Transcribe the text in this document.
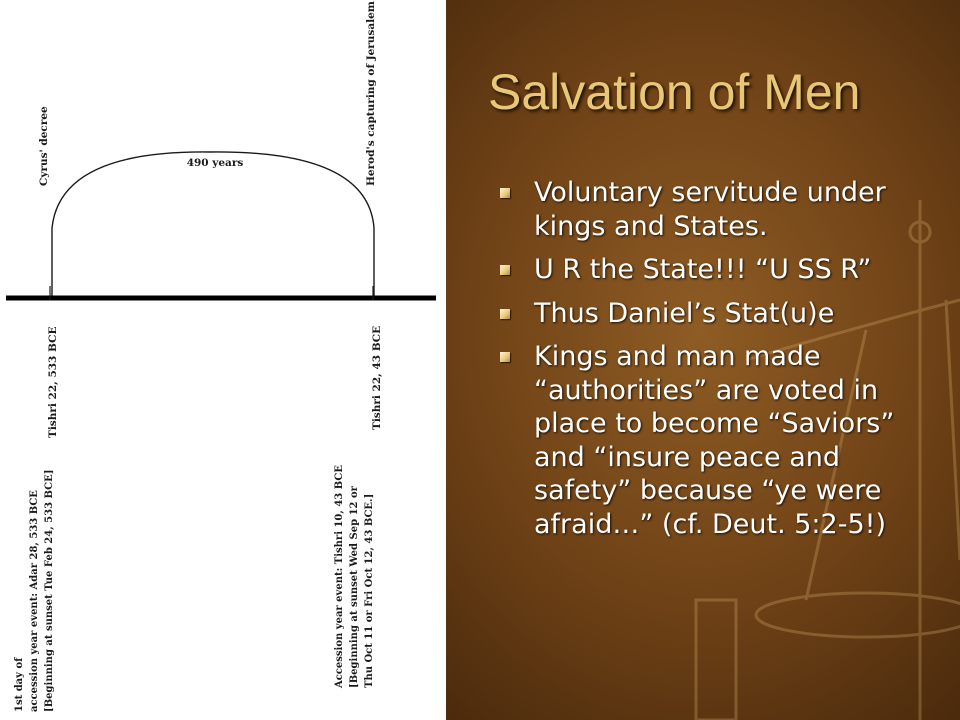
490 years
Cyrus' decree	Herod's capturing of Jerusalem
Tishri 22, 533 BCE	Tishri 22, 43 BCE
1st day of accession year event: Adar 28, 533 BCE [Beginning at sunset Tue Feb 24, 533 BCE]	Accession year event: Tishri 10, 43 BCE [Beginning at sunset Wed Sep 12 or Thu Oct 11 or Fri Oct 12, 43 BCE.]
Salvation of Men
Voluntary servitude under kings and States.
U R the State!!! “U SS R”
Thus Daniel’s Stat(u)e
Kings and man made “authorities” are voted in place to become “Saviors” and “insure peace and safety” because “ye were afraid…” (cf. Deut. 5:2-5!)
